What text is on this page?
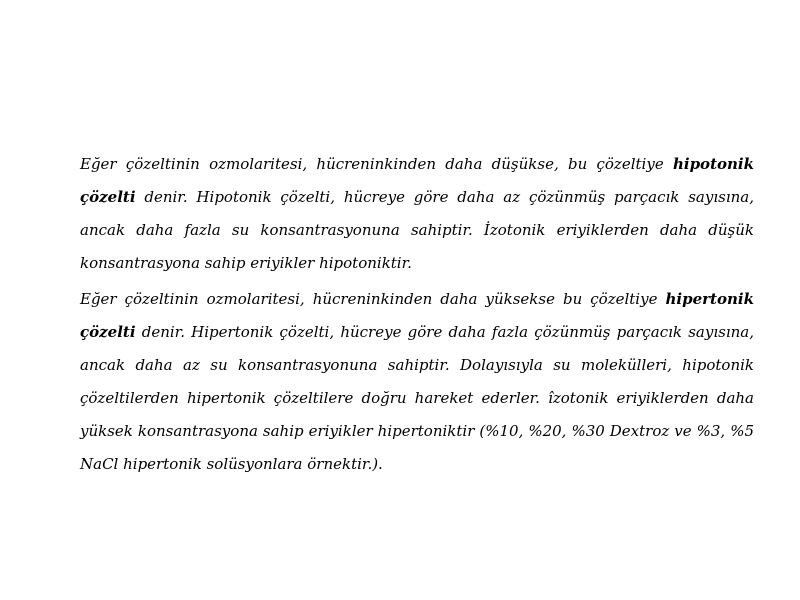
Eğer çözeltinin ozmolaritesi, hücreninkinden daha düşükse, bu çözeltiye hipotonik çözelti denir. Hipotonik çözelti, hücreye göre daha az çözünmüş parçacık sayısına, ancak daha fazla su konsantrasyonuna sahiptir. İzotonik eriyiklerden daha düşük konsantrasyona sahip eriyikler hipotoniktir.

Eğer çözeltinin ozmolaritesi, hücreninkinden daha yüksekse bu çözeltiye hipertonik çözelti denir. Hipertonik çözelti, hücreye göre daha fazla çözünmüş parçacık sayısına, ancak daha az su konsantrasyonuna sahiptir. Dolayısıyla su molekülleri, hipotonik çözeltilerden hipertonik çözeltilere doğru hareket ederler. îzotonik eriyiklerden daha yüksek konsantrasyona sahip eriyikler hipertoniktir (%10, %20, %30 Dextroz ve %3, %5 NaCl hipertonik solüsyonlara örnektir.).
